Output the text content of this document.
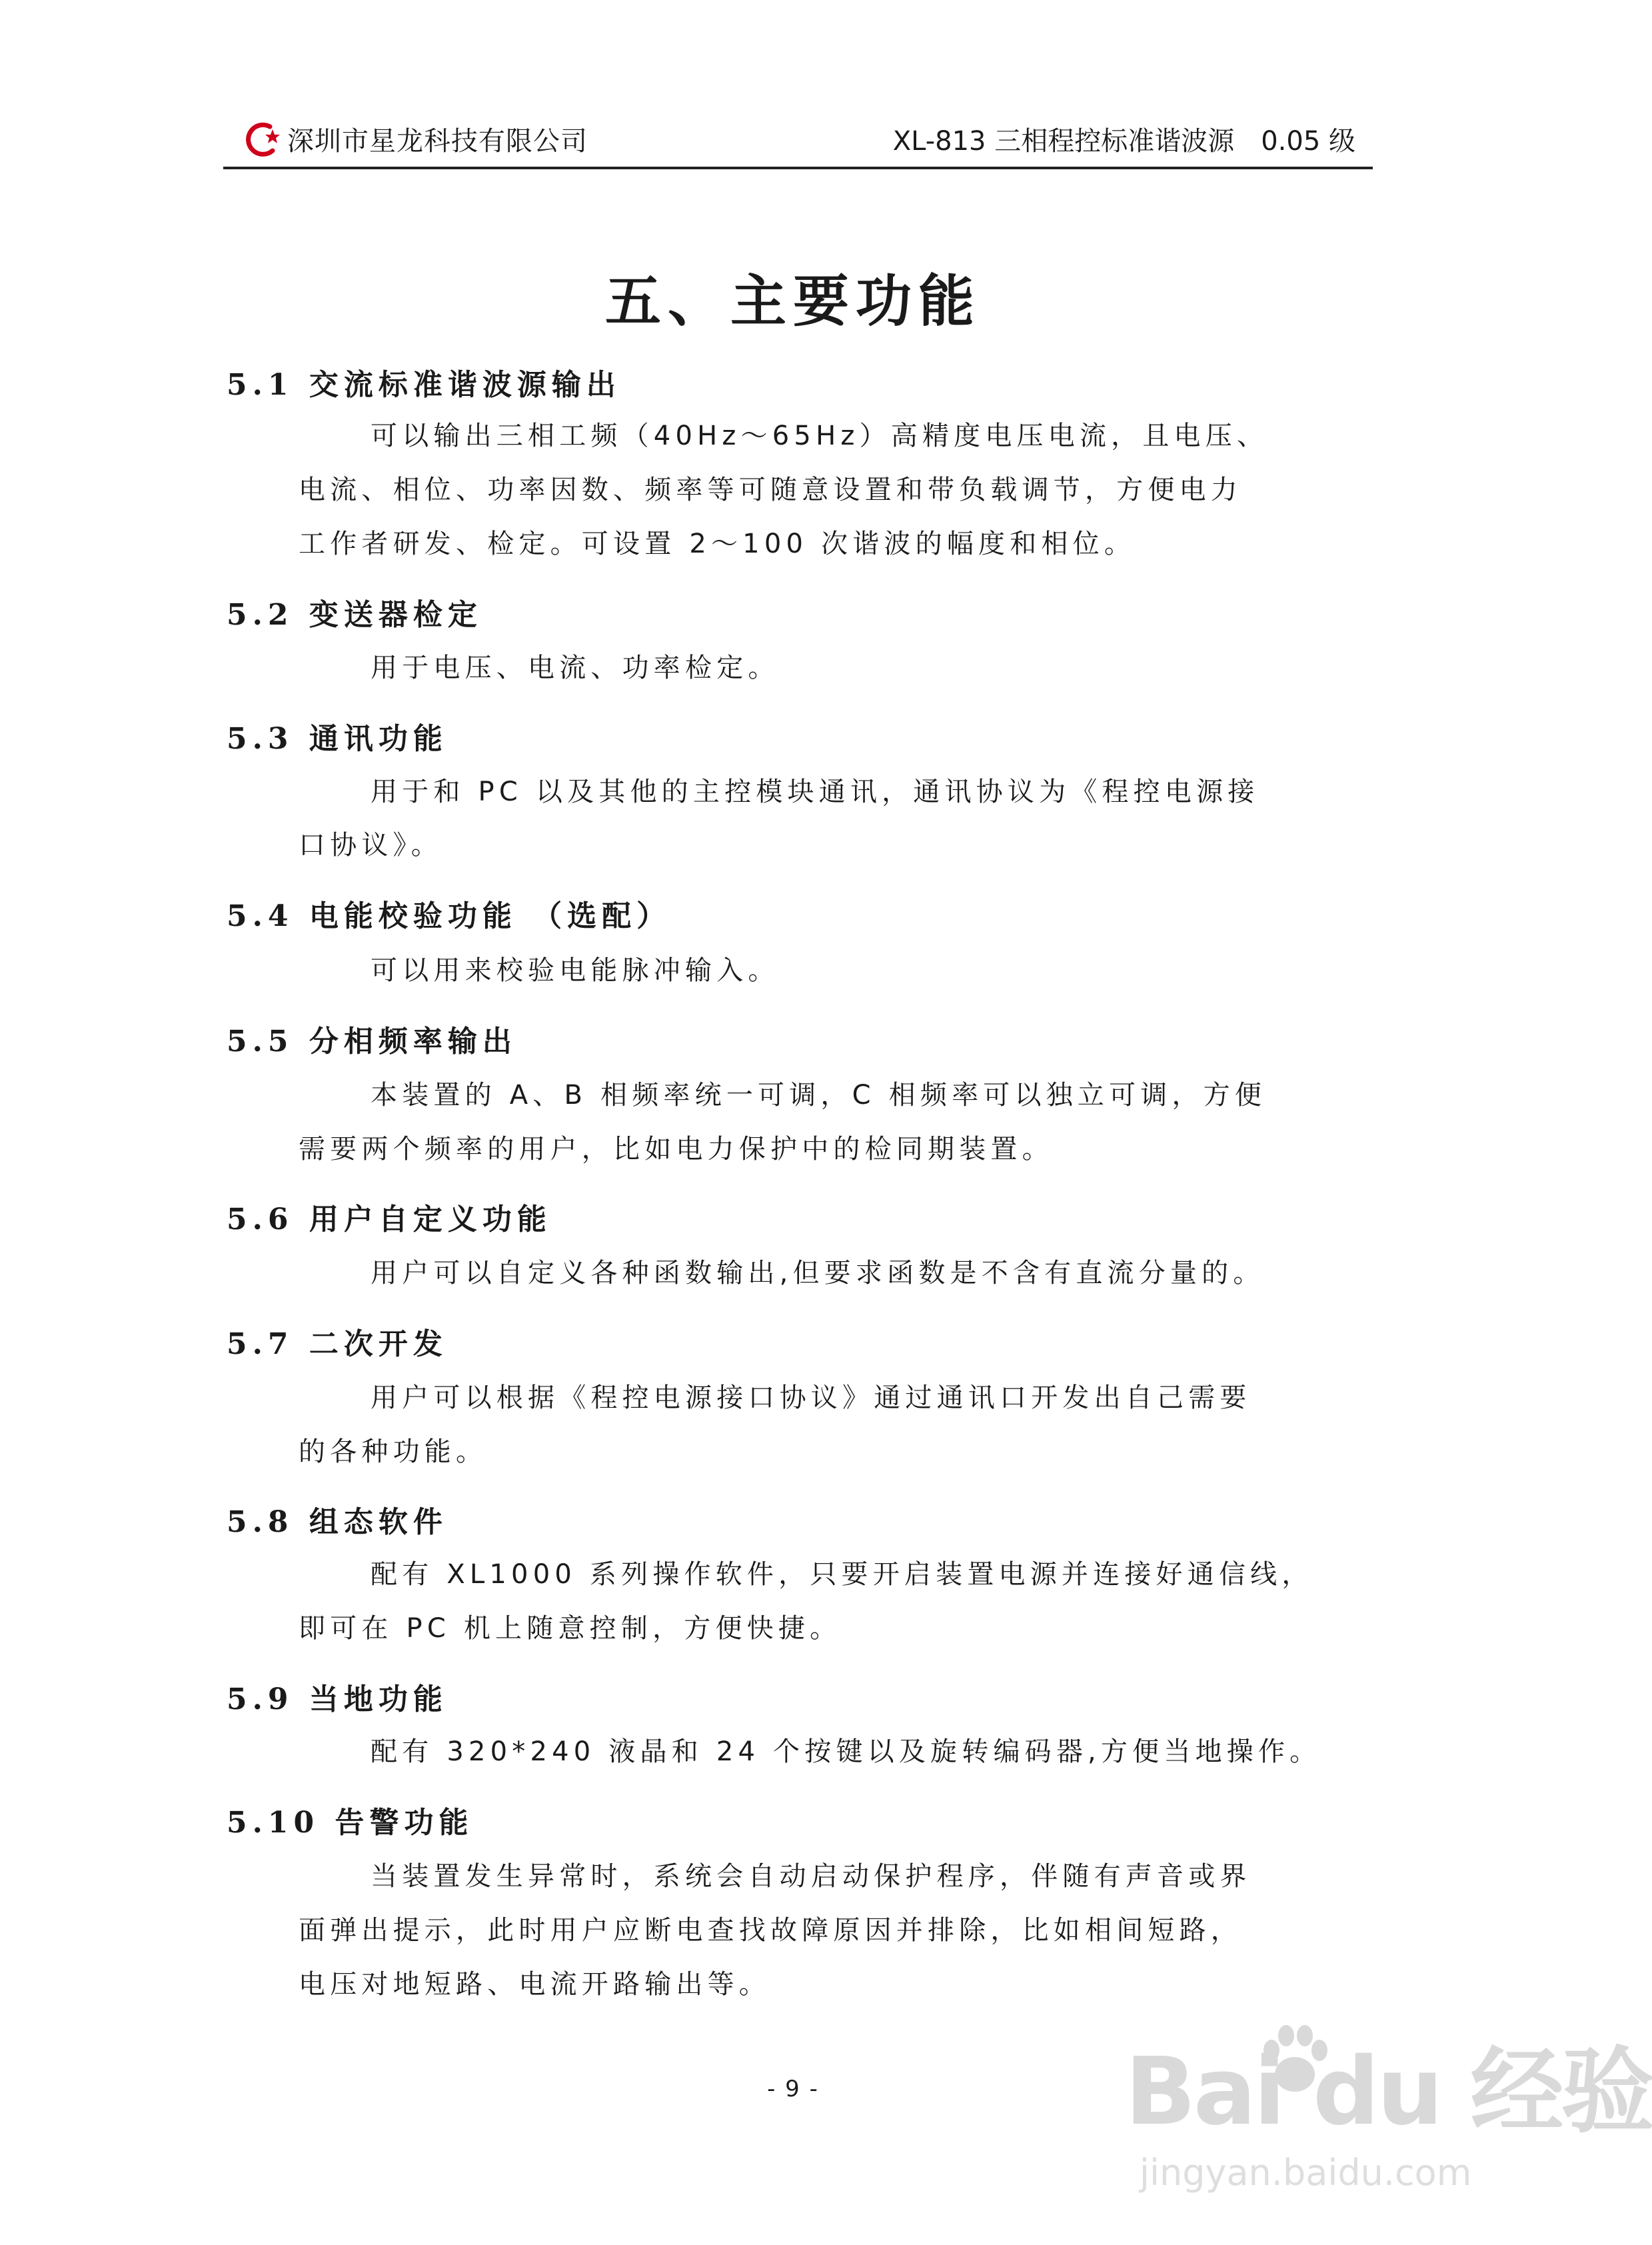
深圳市星龙科技有限公司	XL-813 三相程控标准谐波源　0.05 级
五、主要功能
5.1 交流标准谐波源输出
可以输出三相工频（40Hz～65Hz）高精度电压电流，且电压、
电流、相位、功率因数、频率等可随意设置和带负载调节，方便电力
工作者研发、检定。可设置 2～100 次谐波的幅度和相位。
5.2 变送器检定
用于电压、电流、功率检定。
5.3 通讯功能
用于和 PC 以及其他的主控模块通讯，通讯协议为《程控电源接
口协议》。
5.4 电能校验功能 （选配）
可以用来校验电能脉冲输入。
5.5 分相频率输出
本装置的 A、B 相频率统一可调，C 相频率可以独立可调，方便
需要两个频率的用户，比如电力保护中的检同期装置。
5.6 用户自定义功能
用户可以自定义各种函数输出,但要求函数是不含有直流分量的。
5.7 二次开发
用户可以根据《程控电源接口协议》通过通讯口开发出自己需要
的各种功能。
5.8 组态软件
配有 XL1000 系列操作软件，只要开启装置电源并连接好通信线，
即可在 PC 机上随意控制，方便快捷。
5.9 当地功能
配有 320*240 液晶和 24 个按键以及旋转编码器,方便当地操作。
5.10 告警功能
当装置发生异常时，系统会自动启动保护程序，伴随有声音或界
面弹出提示，此时用户应断电查找故障原因并排除，比如相间短路，
电压对地短路、电流开路输出等。
- 9 -	Bai du 经验
jingyan.baidu.com
